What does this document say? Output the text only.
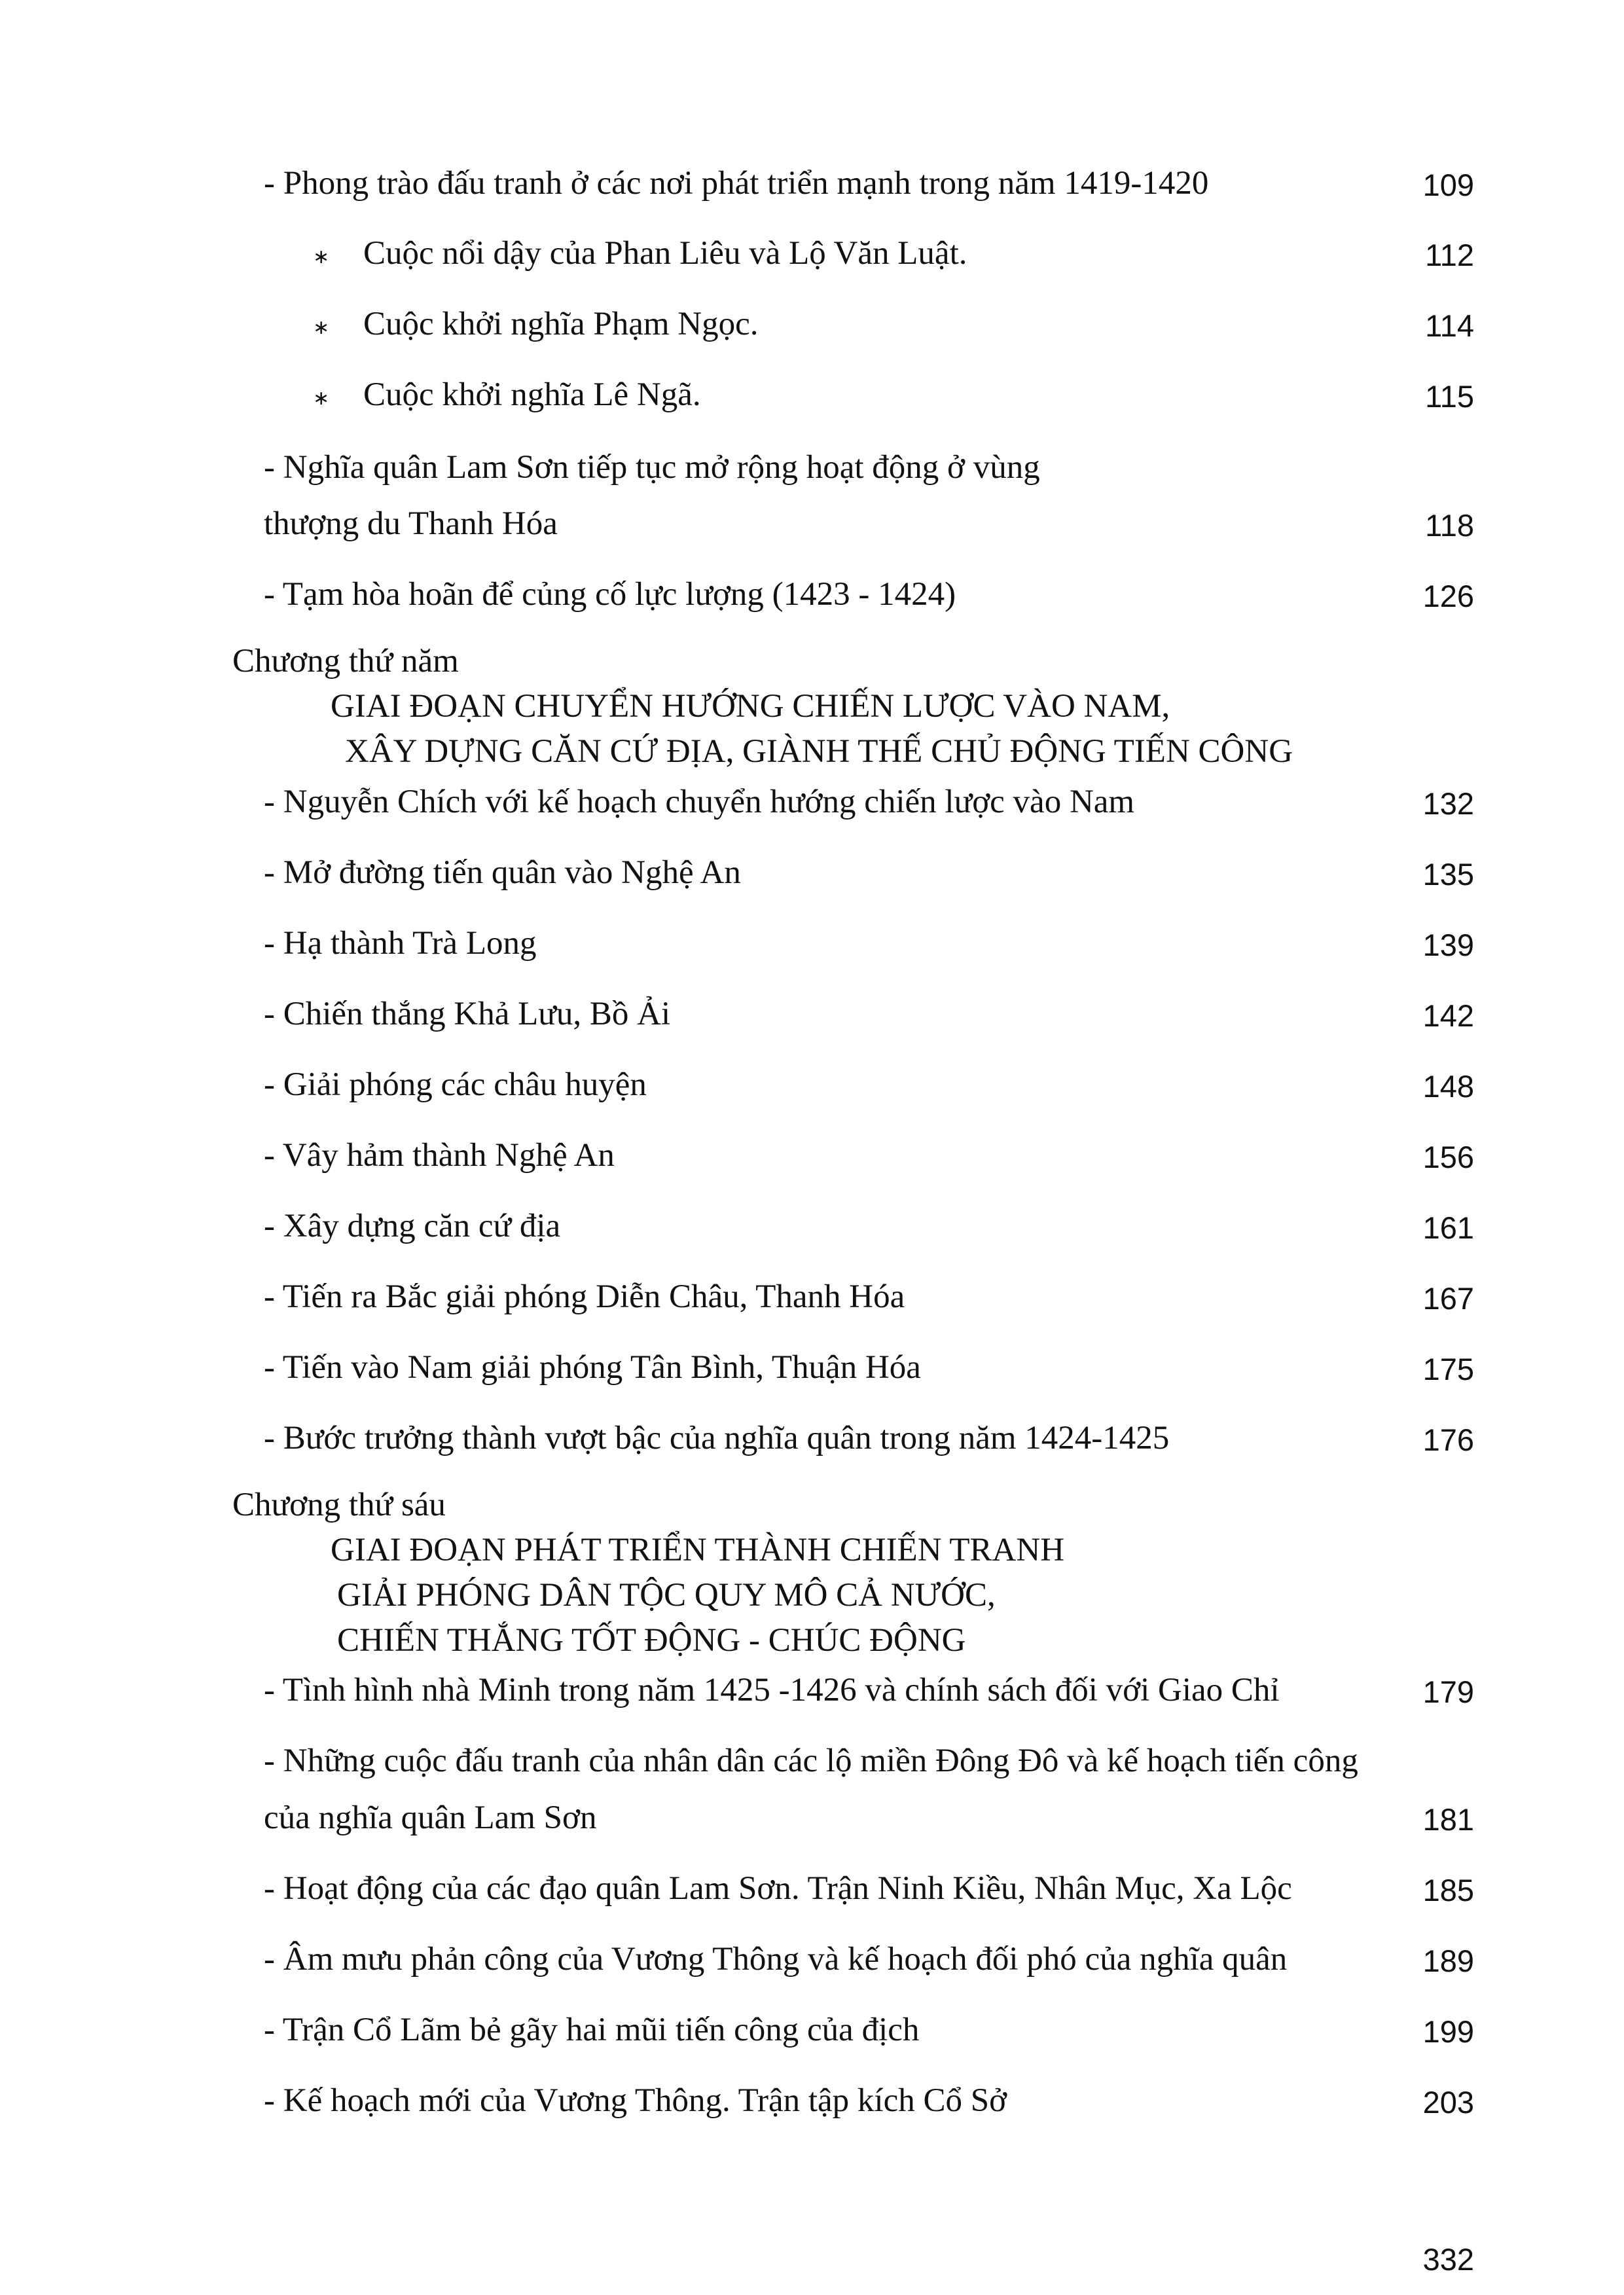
- Phong trào đấu tranh ở các nơi phát triển mạnh trong năm 1419-1420	109
∗ Cuộc nổi dậy của Phan Liêu và Lộ Văn Luật.	112
∗ Cuộc khởi nghĩa Phạm Ngọc.	114
∗ Cuộc khởi nghĩa Lê Ngã.	115
- Nghĩa quân Lam Sơn tiếp tục mở rộng hoạt động ở vùng
thượng du Thanh Hóa	118
- Tạm hòa hoãn để củng cố lực lượng (1423 - 1424)	126
Chương thứ năm
GIAI ĐOẠN CHUYỂN HƯỚNG CHIẾN LƯỢC VÀO NAM,
XÂY DỰNG CĂN CỨ ĐỊA, GIÀNH THẾ CHỦ ĐỘNG TIẾN CÔNG
- Nguyễn Chích với kế hoạch chuyển hướng chiến lược vào Nam	132
- Mở đường tiến quân vào Nghệ An	135
- Hạ thành Trà Long	139
- Chiến thắng Khả Lưu, Bồ Ải	142
- Giải phóng các châu huyện	148
- Vây hảm thành Nghệ An	156
- Xây dựng căn cứ địa	161
- Tiến ra Bắc giải phóng Diễn Châu, Thanh Hóa	167
- Tiến vào Nam giải phóng Tân Bình, Thuận Hóa	175
- Bước trưởng thành vượt bậc của nghĩa quân trong năm 1424-1425	176
Chương thứ sáu
GIAI ĐOẠN PHÁT TRIỂN THÀNH CHIẾN TRANH
GIẢI PHÓNG DÂN TỘC QUY MÔ CẢ NƯỚC,
CHIẾN THẮNG TỐT ĐỘNG - CHÚC ĐỘNG
- Tình hình nhà Minh trong năm 1425 -1426 và chính sách đối với Giao Chỉ	179
- Những cuộc đấu tranh của nhân dân các lộ miền Đông Đô và kế hoạch tiến công
của nghĩa quân Lam Sơn	181
- Hoạt động của các đạo quân Lam Sơn. Trận Ninh Kiều, Nhân Mục, Xa Lộc	185
- Âm mưu phản công của Vương Thông và kế hoạch đối phó của nghĩa quân	189
- Trận Cổ Lãm bẻ gãy hai mũi tiến công của địch	199
- Kế hoạch mới của Vương Thông. Trận tập kích Cổ Sở	203
332
